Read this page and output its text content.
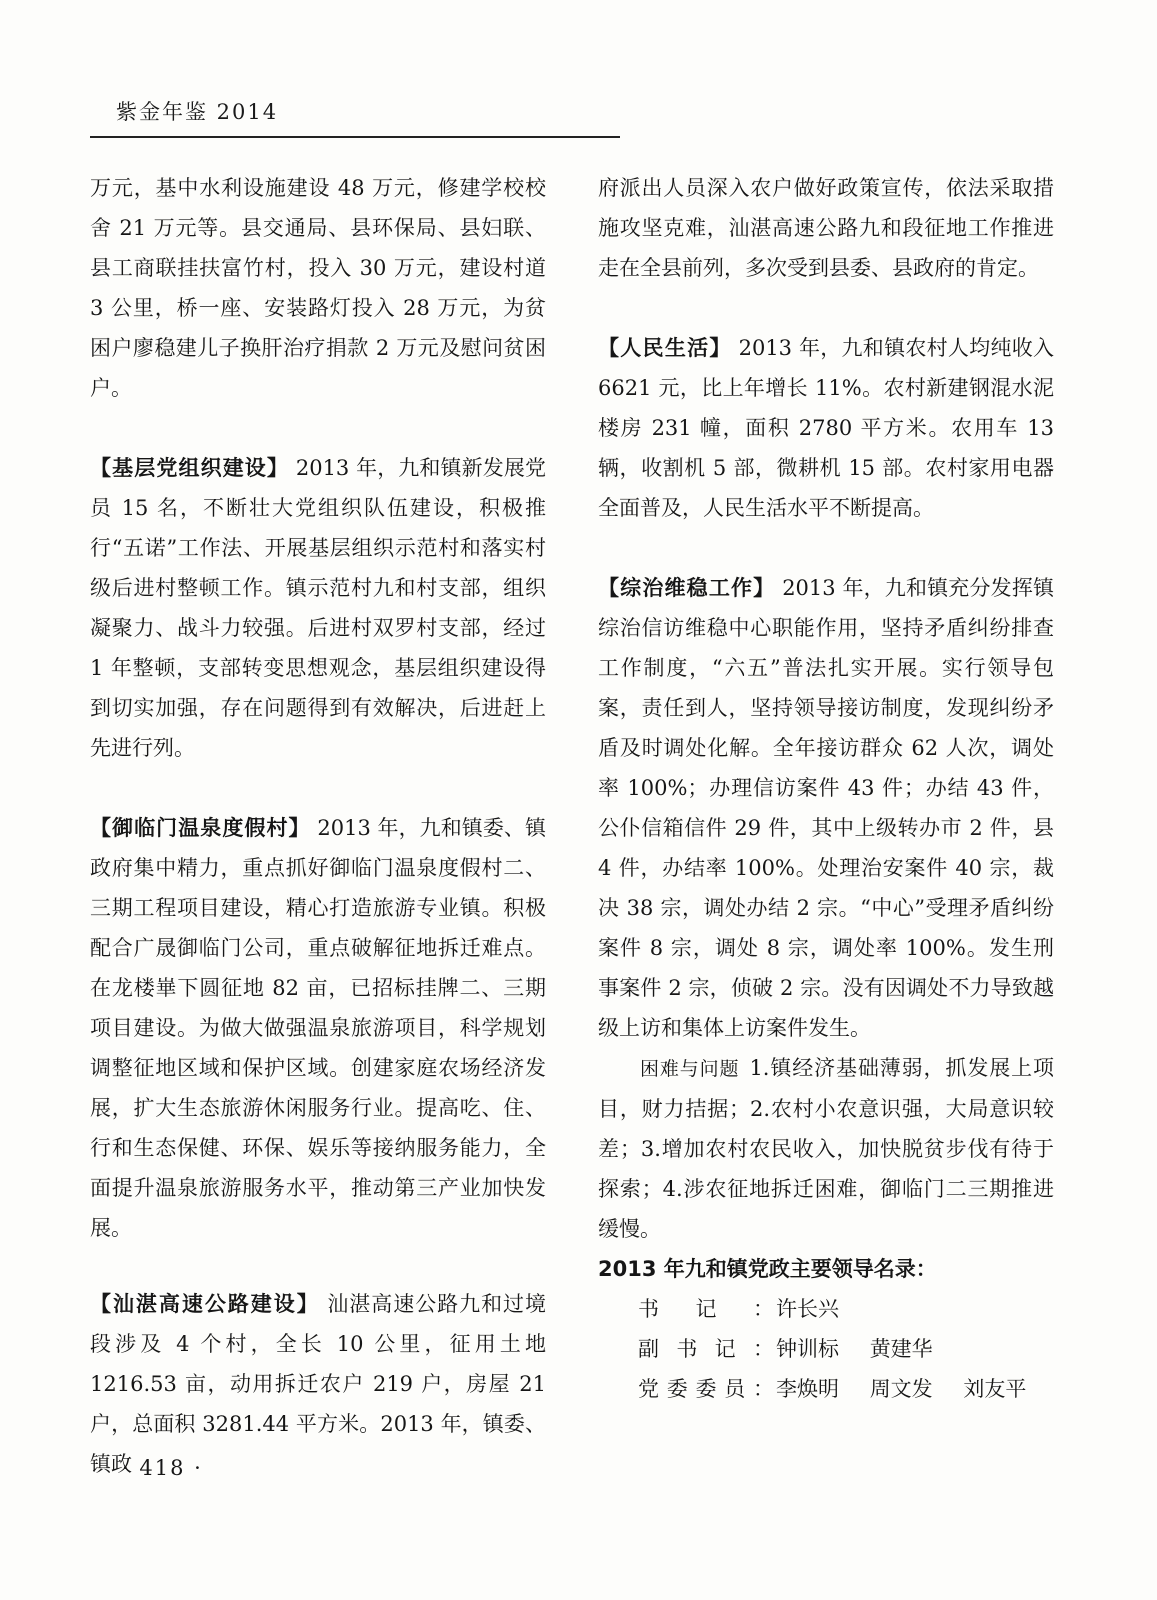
紫金年鉴 2014

万元，基中水利设施建设 48 万元，修建学校校舍 21 万元等。县交通局、县环保局、县妇联、县工商联挂扶富竹村，投入 30 万元，建设村道 3 公里，桥一座、安装路灯投入 28 万元，为贫困户廖稳建儿子换肝治疗捐款 2 万元及慰问贫困户。

【基层党组织建设】 2013 年，九和镇新发展党员 15 名，不断壮大党组织队伍建设，积极推行“五诺”工作法、开展基层组织示范村和落实村级后进村整顿工作。镇示范村九和村支部，组织凝聚力、战斗力较强。后进村双罗村支部，经过 1 年整顿，支部转变思想观念，基层组织建设得到切实加强，存在问题得到有效解决，后进赶上先进行列。

【御临门温泉度假村】 2013 年，九和镇委、镇政府集中精力，重点抓好御临门温泉度假村二、三期工程项目建设，精心打造旅游专业镇。积极配合广晟御临门公司，重点破解征地拆迁难点。在龙楼崋下圆征地 82 亩，已招标挂牌二、三期项目建设。为做大做强温泉旅游项目，科学规划调整征地区域和保护区域。创建家庭农场经济发展，扩大生态旅游休闲服务行业。提高吃、住、行和生态保健、环保、娱乐等接纳服务能力，全面提升温泉旅游服务水平，推动第三产业加快发展。

【汕湛高速公路建设】 汕湛高速公路九和过境段涉及 4 个村，全长 10 公里，征用土地 1216.53 亩，动用拆迁农户 219 户，房屋 21 户，总面积 3281.44 平方米。2013 年，镇委、镇政

府派出人员深入农户做好政策宣传，依法采取措施攻坚克难，汕湛高速公路九和段征地工作推进走在全县前列，多次受到县委、县政府的肯定。

【人民生活】 2013 年，九和镇农村人均纯收入 6621 元，比上年增长 11%。农村新建钢混水泥楼房 231 幢，面积 2780 平方米。农用车 13 辆，收割机 5 部，微耕机 15 部。农村家用电器全面普及，人民生活水平不断提高。

【综治维稳工作】 2013 年，九和镇充分发挥镇综治信访维稳中心职能作用，坚持矛盾纠纷排查工作制度，“六五”普法扎实开展。实行领导包案，责任到人，坚持领导接访制度，发现纠纷矛盾及时调处化解。全年接访群众 62 人次，调处率 100%；办理信访案件 43 件；办结 43 件，公仆信箱信件 29 件，其中上级转办市 2 件，县 4 件，办结率 100%。处理治安案件 40 宗，裁决 38 宗，调处办结 2 宗。“中心”受理矛盾纠纷案件 8 宗，调处 8 宗，调处率 100%。发生刑事案件 2 宗，侦破 2 宗。没有因调处不力导致越级上访和集体上访案件发生。

困难与问题 1.镇经济基础薄弱，抓发展上项目，财力拮据；2.农村小农意识强，大局意识较差；3.增加农村农民收入，加快脱贫步伐有待于探索；4.涉农征地拆迁困难，御临门二三期推进缓慢。

2013 年九和镇党政主要领导名录：

书记： 许长兴
副书记： 钟训标 黄建华
党委委员： 李焕明 周文发 刘友平
· 418 ·
